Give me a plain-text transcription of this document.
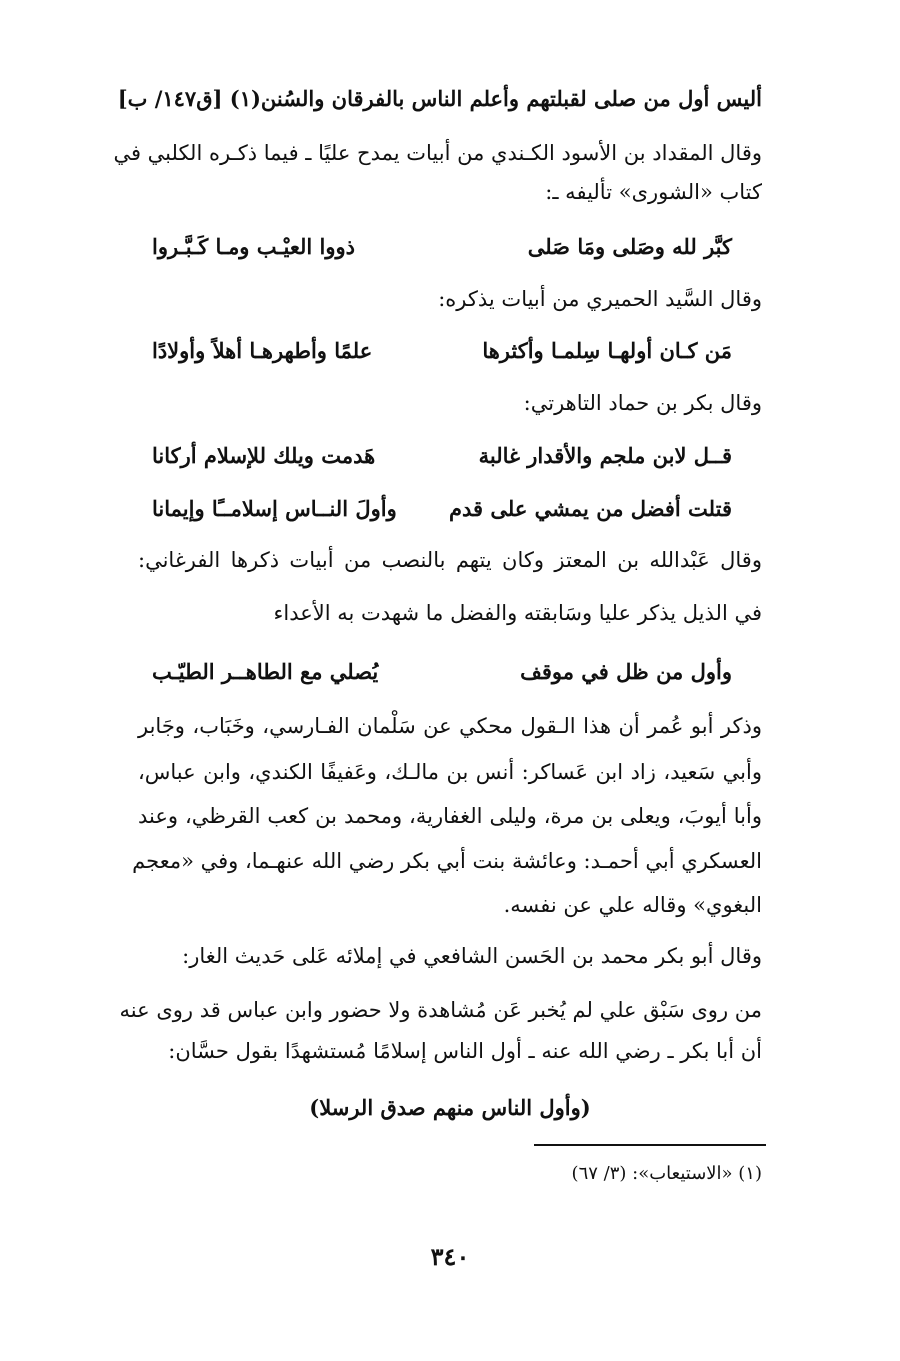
أليس أول من صلى لقبلتهم وأعلم الناس بالفرقان والسُنن(١) [ق١٤٧/ ب]
وقال المقداد بن الأسود الكـندي من أبيات يمدح عليًا ـ فيما ذكـره الكلبي في
كتاب «الشورى» تأليفه ـ:
كبَّر لله وصَلى ومَا صَلى
ذووا العيْـب ومـا كَـبَّـروا
وقال السَّيد الحميري من أبيات يذكره:
مَن كـان أولهـا سِلمـا وأكثرها
علمًا وأطهرهـا أهلاً وأولادًا
وقال بكر بن حماد التاهرتي:
قــل لابن ملجم والأقدار غالبة
هَدمت ويلك للإسلام أركانا
قتلت أفضل من يمشي على قدم
وأولَ النــاس إسلامــًا وإيمانا
وقال عَبْدالله بن المعتز وكان يتهم بالنصب من أبيات ذكرها الفرغاني:
في الذيل يذكر عليا وسَابقته والفضل ما شهدت به الأعداء
وأول من ظل في موقف
يُصلي مع الطاهــر الطيّـب
وذكر أبو عُمر أن هذا الـقول محكي عن سَلْمان الفـارسي، وخَبَاب، وجَابر
وأبي سَعيد، زاد ابن عَساكر: أنس بن مالـك، وعَفيفًا الكندي، وابن عباس،
وأبا أيوبَ، ويعلى بن مرة، وليلى الغفارية، ومحمد بن كعب القرظي، وعند
العسكري أبي أحمـد: وعائشة بنت أبي بكر رضي الله عنهـما، وفي «معجم
البغوي» وقاله علي عن نفسه.
وقال أبو بكر محمد بن الحَسن الشافعي في إملائه عَلى حَديث الغار:
من روى سَبْق علي لم يُخبر عَن مُشاهدة ولا حضور وابن عباس قد روى عنه
أن أبا بكر ـ رضي الله عنه ـ أول الناس إسلامًا مُستشهدًا بقول حسَّان:
(وأول الناس منهم صدق الرسلا)
(١) «الاستيعاب»: (٣/ ٦٧)
٣٤٠
